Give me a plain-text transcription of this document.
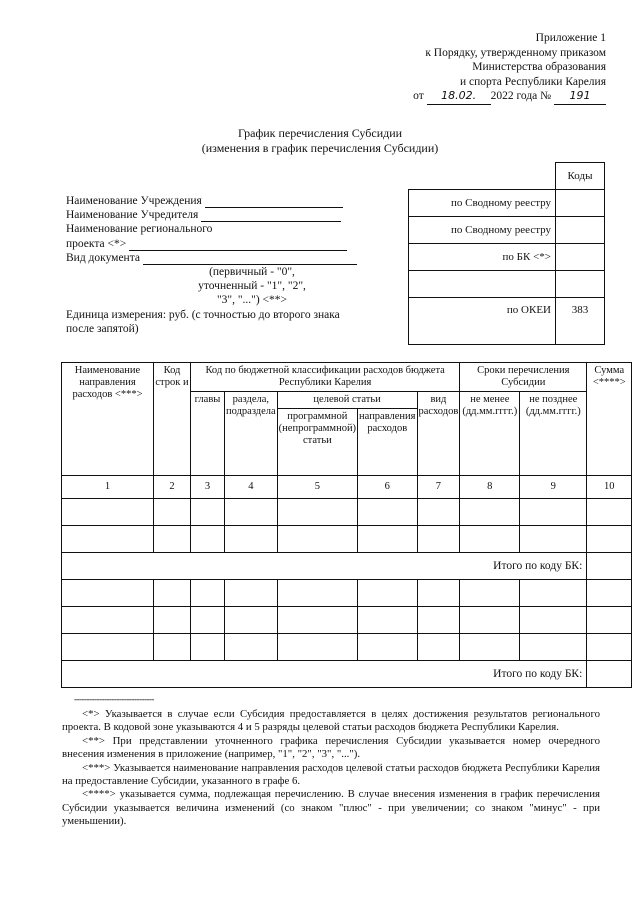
Приложение 1
к Порядку, утвержденному приказом
Министерства образования
и спорта Республики Карелия
от 18.02. 2022 года № 191
График перечисления Субсидии
(изменения в график перечисления Субсидии)
Наименование Учреждения
Наименование Учредителя
Наименование регионального
проекта <*>
Вид документа
(первичный - "0",
уточненный - "1", "2",
"3", "...") <**>
Единица измерения: руб. (с точностью до второго знака
после запятой)
	Коды
по Сводному реестру	
по Сводному реестру	
по БК <*>	

по ОКЕИ	383
Наименование направления расходов <***>	Код строк и	Код по бюджетной классификации расходов бюджета Республики Карелия					Сроки перечисления Субсидии		Сумма <****>
		главы	раздела, подраздела	целевой статьи		вид расходов	не менее (дд.мм.гггг.)	не позднее (дд.мм.гггг.)	
				программной (непрограммной) статьи	направления расходов				
1	2	3	4	5	6	7	8	9	10

Итого по коду БК:									

Итого по коду БК:									
--------------------------------

<*> Указывается в случае если Субсидия предоставляется в целях достижения результатов регионального проекта. В кодовой зоне указываются 4 и 5 разряды целевой статьи расходов бюджета Республики Карелия.

<**> При представлении уточненного графика перечисления Субсидии указывается номер очередного внесения изменения в приложение (например, "1", "2", "3", "...").

<***> Указывается наименование направления расходов целевой статьи расходов бюджета Республики Карелия на предоставление Субсидии, указанного в графе 6.

<****> указывается сумма, подлежащая перечислению. В случае внесения изменения в график перечисления Субсидии указывается величина изменений (со знаком "плюс" - при увеличении; со знаком "минус" - при уменьшении).
